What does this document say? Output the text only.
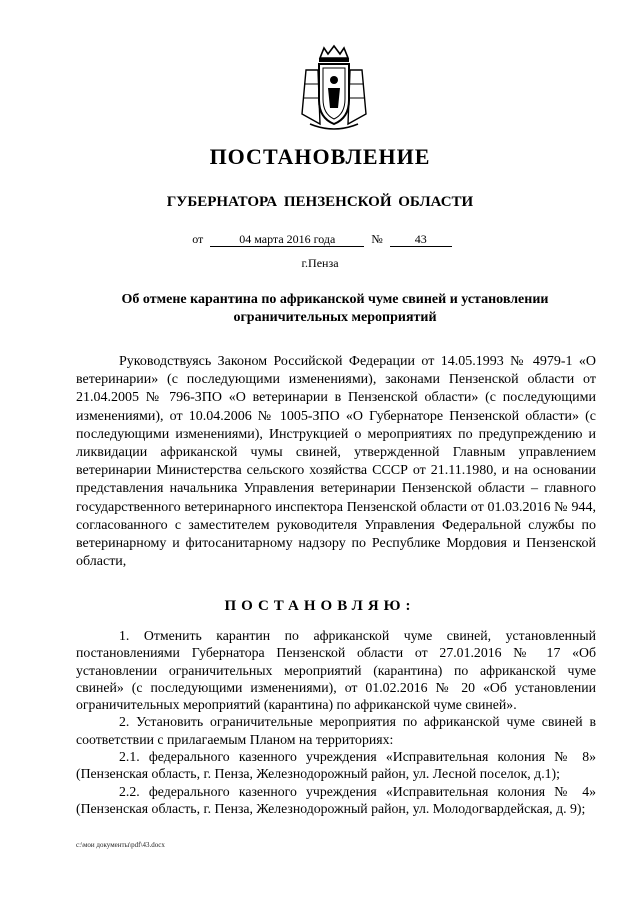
ПОСТАНОВЛЕНИЕ
ГУБЕРНАТОРА ПЕНЗЕНСКОЙ ОБЛАСТИ
от	04 марта 2016 года	№	43
г.Пенза
Об отмене карантина по африканской чуме свиней и установлении ограничительных мероприятий

Руководствуясь Законом Российской Федерации от 14.05.1993 № 4979-1 «О ветеринарии» (с последующими изменениями), законами Пензенской области от 21.04.2005 № 796-ЗПО «О ветеринарии в Пензенской области» (с последующими изменениями), от 10.04.2006 № 1005-ЗПО «О Губернаторе Пензенской области» (с последующими изменениями), Инструкцией о мероприятиях по предупреждению и ликвидации африканской чумы свиней, утвержденной Главным управлением ветеринарии Министерства сельского хозяйства СССР от 21.11.1980, и на основании представления начальника Управления ветеринарии Пензенской области – главного государственного ветеринарного инспектора Пензенской области от 01.03.2016 № 944, согласованного с заместителем руководителя Управления Федеральной службы по ветеринарному и фитосанитарному надзору по Республике Мордовия и Пензенской области,

ПОСТАНОВЛЯЮ:

1. Отменить карантин по африканской чуме свиней, установленный постановлениями Губернатора Пензенской области от 27.01.2016 № 17 «Об установлении ограничительных мероприятий (карантина) по африканской чуме свиней» (с последующими изменениями), от 01.02.2016 № 20 «Об установлении ограничительных мероприятий (карантина) по африканской чуме свиней».

2. Установить ограничительные мероприятия по африканской чуме свиней в соответствии с прилагаемым Планом на территориях:

2.1. федерального казенного учреждения «Исправительная колония № 8» (Пензенская область, г. Пенза, Железнодорожный район, ул. Лесной поселок, д.1);

2.2. федерального казенного учреждения «Исправительная колония № 4» (Пензенская область, г. Пенза, Железнодорожный район, ул. Молодогвардейская, д. 9);

c:\мои документы\pdf\43.docx
